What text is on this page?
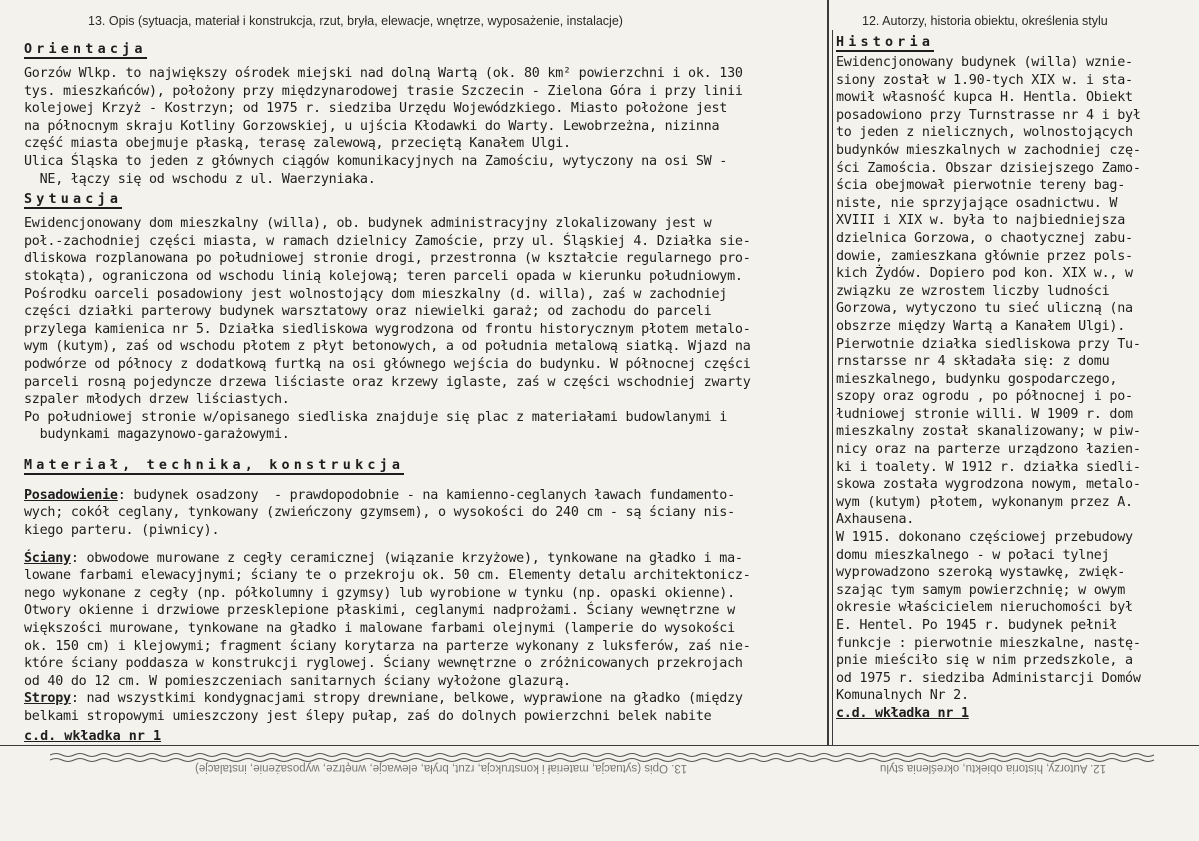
13. Opis (sytuacja, materiał i konstrukcja, rzut, bryła, elewacje, wnętrze, wyposażenie, instalacje)	12. Autorzy, historia obiektu, określenia stylu
Orientacja
Gorzów Wlkp. to największy ośrodek miejski nad dolną Wartą (ok. 80 km² powierzchni i ok. 130
tys. mieszkańców), położony przy międzynarodowej trasie Szczecin - Zielona Góra i przy linii
kolejowej Krzyż - Kostrzyn; od 1975 r. siedziba Urzędu Wojewódzkiego. Miasto położone jest
na północnym skraju Kotliny Gorzowskiej, u ujścia Kłodawki do Warty. Lewobrzeżna, nizinna
część miasta obejmuje płaską, terasę zalewową, przeciętą Kanałem Ulgi.
Ulica Śląska to jeden z głównych ciągów komunikacyjnych na Zamościu, wytyczony na osi SW -
NE, łączy się od wschodu z ul. Waerzyniaka.
Sytuacja
Ewidencjonowany dom mieszkalny (willa), ob. budynek administracyjny zlokalizowany jest w
poł.-zachodniej części miasta, w ramach dzielnicy Zamoście, przy ul. Śląskiej 4. Działka sie-
dliskowa rozplanowana po południowej stronie drogi, przestronna (w kształcie regularnego pro-
stokąta), ograniczona od wschodu linią kolejową; teren parceli opada w kierunku południowym.
Pośrodku oarceli posadowiony jest wolnostojący dom mieszkalny (d. willa), zaś w zachodniej
części działki parterowy budynek warsztatowy oraz niewielki garaż; od zachodu do parceli
przylega kamienica nr 5. Działka siedliskowa wygrodzona od frontu historycznym płotem metalo-
wym (kutym), zaś od wschodu płotem z płyt betonowych, a od południa metalową siatką. Wjazd na
podwórze od północy z dodatkową furtką na osi głównego wejścia do budynku. W północnej części
parceli rosną pojedyncze drzewa liściaste oraz krzewy iglaste, zaś w części wschodniej zwarty
szpaler młodych drzew liściastych.
Po południowej stronie w/opisanego siedliska znajduje się plac z materiałami budowlanymi i
budynkami magazynowo-garażowymi.
Materiał, technika, konstrukcja
Posadowienie: budynek osadzony  - prawdopodobnie - na kamienno-ceglanych ławach fundamento-
wych; cokół ceglany, tynkowany (zwieńczony gzymsem), o wysokości do 240 cm - są ściany nis-
kiego parteru. (piwnicy).
Ściany: obwodowe murowane z cegły ceramicznej (wiązanie krzyżowe), tynkowane na gładko i ma-
lowane farbami elewacyjnymi; ściany te o przekroju ok. 50 cm. Elementy detalu architektonicz-
nego wykonane z cegły (np. półkolumny i gzymsy) lub wyrobione w tynku (np. opaski okienne).
Otwory okienne i drzwiowe przesklepione płaskimi, ceglanymi nadprożami. Ściany wewnętrzne w
większości murowane, tynkowane na gładko i malowane farbami olejnymi (lamperie do wysokości
ok. 150 cm) i klejowymi; fragment ściany korytarza na parterze wykonany z luksferów, zaś nie-
które ściany poddasza w konstrukcji ryglowej. Ściany wewnętrzne o zróżnicowanych przekrojach
od 40 do 12 cm. W pomieszczeniach sanitarnych ściany wyłożone glazurą.
Stropy: nad wszystkimi kondygnacjami stropy drewniane, belkowe, wyprawione na gładko (między
belkami stropowymi umieszczony jest ślepy pułap, zaś do dolnych powierzchni belek nabite
c.d. wkładka nr 1
Historia
Ewidencjonowany budynek (willa) wznie-
siony został w 1.90-tych XIX w. i sta-
mowił własność kupca H. Hentla. Obiekt
posadowiono przy Turnstrasse nr 4 i był
to jeden z nielicznych, wolnostojących
budynków mieszkalnych w zachodniej czę-
ści Zamościa. Obszar dzisiejszego Zamo-
ścia obejmował pierwotnie tereny bag-
niste, nie sprzyjające osadnictwu. W
XVIII i XIX w. była to najbiedniejsza
dzielnica Gorzowa, o chaotycznej zabu-
dowie, zamieszkana głównie przez pols-
kich Żydów. Dopiero pod kon. XIX w., w
związku ze wzrostem liczby ludności
Gorzowa, wytyczono tu sieć uliczną (na
obszrze między Wartą a Kanałem Ulgi).
Pierwotnie działka siedliskowa przy Tu-
rnstarsse nr 4 składała się: z domu
mieszkalnego, budynku gospodarczego,
szopy oraz ogrodu , po północnej i po-
łudniowej stronie willi. W 1909 r. dom
mieszkalny został skanalizowany; w piw-
nicy oraz na parterze urządzono łazien-
ki i toalety. W 1912 r. działka siedli-
skowa została wygrodzona nowym, metalo-
wym (kutym) płotem, wykonanym przez A.
Axhausena.
W 1915. dokonano częściowej przebudowy
domu mieszkalnego - w połaci tylnej
wyprowadzono szeroką wystawkę, zwięk-
szając tym samym powierzchnię; w owym
okresie właścicielem nieruchomości był
E. Hentel. Po 1945 r. budynek pełnił
funkcje : pierwotnie mieszkalne, nastę-
pnie mieściło się w nim przedszkole, a
od 1975 r. siedziba Administarcji Domów
Komunalnych Nr 2.
c.d. wkładka nr 1
13. Opis (sytuacja, materiał i konstrukcja, rzut, bryła, elewacje, wnętrze, wyposażenie, instalacje)	12. Autorzy, historia obiektu, określenia stylu
